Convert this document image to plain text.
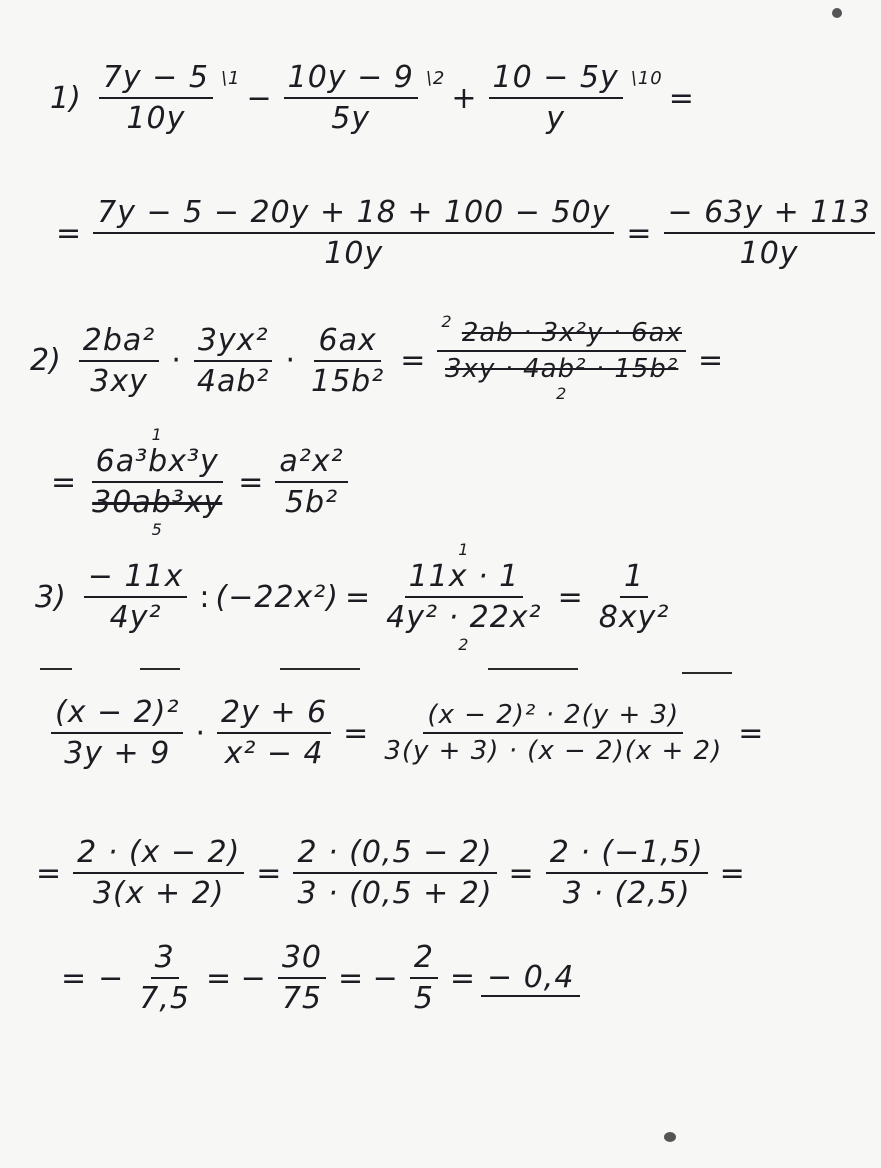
$1) \frac{7y - 5}{10y} ^{\backslash 1}$
− $\frac{10y - 9}{5y} ^{\backslash 2}$
+ $\frac{10 - 5y}{y} ^{\backslash 10}$
=
= $\frac{7y - 5 - 20y + 18 + 100 - 50y}{10y} = \frac{- 63y + 113}{10y}$
$2) \frac{\text{2ba²}}{3xy} \cdot \frac{\text{3yx²}}{\text{4ab²}} \cdot \frac{6ax}{\text{15b²}}$ =
$^2$ 2ab · 3x²y · 6ax
3xy · 4ab² · 15b²
2
=
=
1
6a³bx³y
30ab³xy
5
= $\frac{\text{a²x²}}{\text{5b²}}$
$3) \frac{- 11x}{\text{4y²}}$ : (−22x²) =
1
11x · 1
4y² · 22x²
2
= $\frac{1}{\text{8xy²}}$
$\frac{\text{(x − 2)²}}{3y + 9} \cdot \frac{2y + 6}{\text{x² − 4}} = \frac{\text{(x − 2)² · 2(y + 3)}}{3(y + 3) \cdot (x - 2)(x + 2)}$ =
= $\frac{2 \cdot (x - 2)}{3(x + 2)} = \frac{2 \cdot (0,5 - 2)}{3 \cdot (0,5 + 2)} = \frac{2 \cdot (-1,5)}{3 \cdot (2,5)}$ =
= − $\frac{3}{7,5}$ = − $\frac{30}{75}$ = − $\frac{2}{5}$ = − 0,4
